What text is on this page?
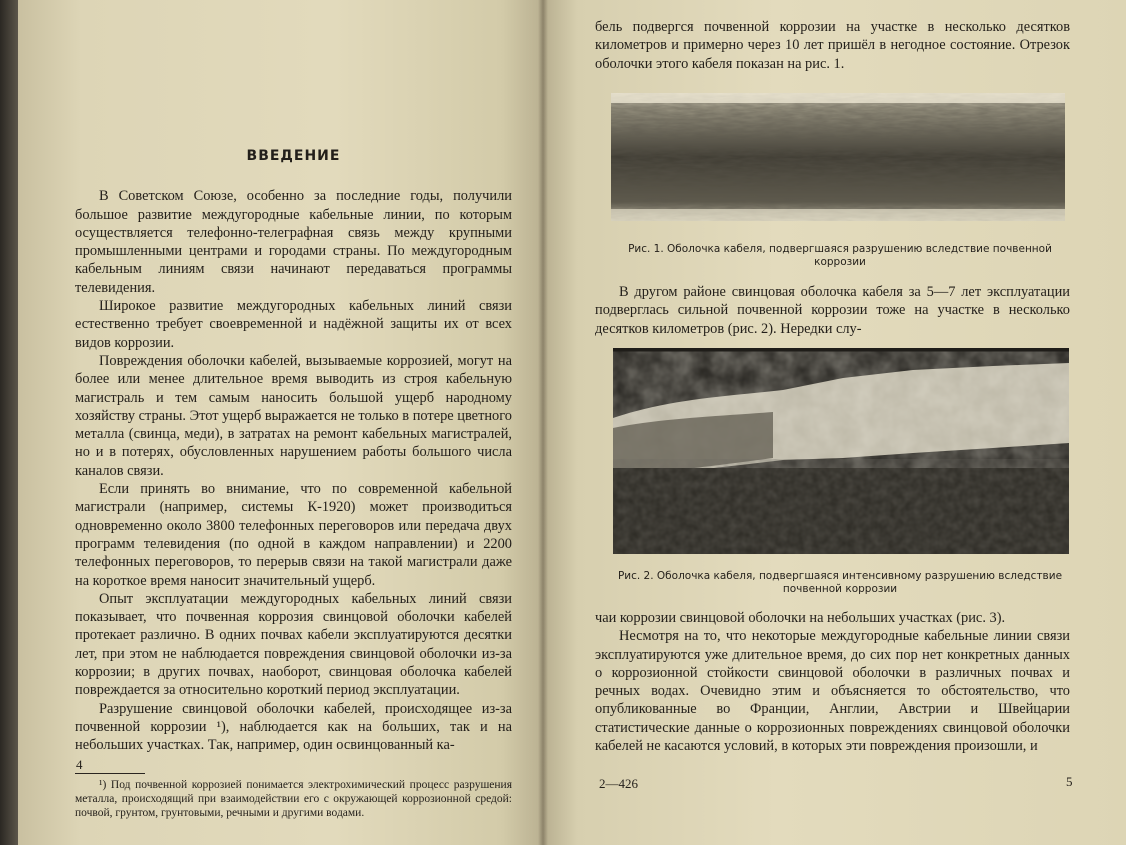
ВВЕДЕНИЕ

В Советском Союзе, особенно за последние годы, получили большое развитие междугородные кабельные линии, по которым осуществляется телефонно-телеграфная связь между крупными промышленными центрами и городами страны. По междугородным кабельным линиям связи начинают передаваться программы телевидения.

Широкое развитие междугородных кабельных линий связи естественно требует своевременной и надёжной защиты их от всех видов коррозии.

Повреждения оболочки кабелей, вызываемые коррозией, могут на более или менее длительное время выводить из строя кабельную магистраль и тем самым наносить большой ущерб народному хозяйству страны. Этот ущерб выражается не только в потере цветного металла (свинца, меди), в затратах на ремонт кабельных магистралей, но и в потерях, обусловленных нарушением работы большого числа каналов связи.

Если принять во внимание, что по современной кабельной магистрали (например, системы К-1920) может производиться одновременно около 3800 телефонных переговоров или передача двух программ телевидения (по одной в каждом направлении) и 2200 телефонных переговоров, то перерыв связи на такой магистрали даже на короткое время наносит значительный ущерб.

Опыт эксплуатации междугородных кабельных линий связи показывает, что почвенная коррозия свинцовой оболочки кабелей протекает различно. В одних почвах кабели эксплуатируются десятки лет, при этом не наблюдается повреждения свинцовой оболочки из-за коррозии; в других почвах, наоборот, свинцовая оболочка кабелей повреждается за относительно короткий период эксплуатации.

Разрушение свинцовой оболочки кабелей, происходящее из-за почвенной коррозии ¹), наблюдается как на больших, так и на небольших участках. Так, например, один освинцованный ка-

¹) Под почвенной коррозией понимается электрохимический процесс разрушения металла, происходящий при взаимодействии его с окружающей коррозионной средой: почвой, грунтом, грунтовыми, речными и другими водами.

4

бель подвергся почвенной коррозии на участке в несколько десятков километров и примерно через 10 лет пришёл в негодное состояние. Отрезок оболочки этого кабеля показан на рис. 1.

Рис. 1. Оболочка кабеля, подвергшаяся разрушению вследствие почвенной коррозии

В другом районе свинцовая оболочка кабеля за 5—7 лет эксплуатации подверглась сильной почвенной коррозии тоже на участке в несколько десятков километров (рис. 2). Нередки слу-

Рис. 2. Оболочка кабеля, подвергшаяся интенсивному разрушению вследствие почвенной коррозии

чаи коррозии свинцовой оболочки на небольших участках (рис. 3).

Несмотря на то, что некоторые междугородные кабельные линии связи эксплуатируются уже длительное время, до сих пор нет конкретных данных о коррозионной стойкости свинцовой оболочки в различных почвах и речных водах. Очевидно этим и объясняется то обстоятельство, что опубликованные во Франции, Англии, Австрии и Швейцарии статистические данные о коррозионных повреждениях свинцовой оболочки кабелей не касаются условий, в которых эти повреждения произошли, и

2—426	5
